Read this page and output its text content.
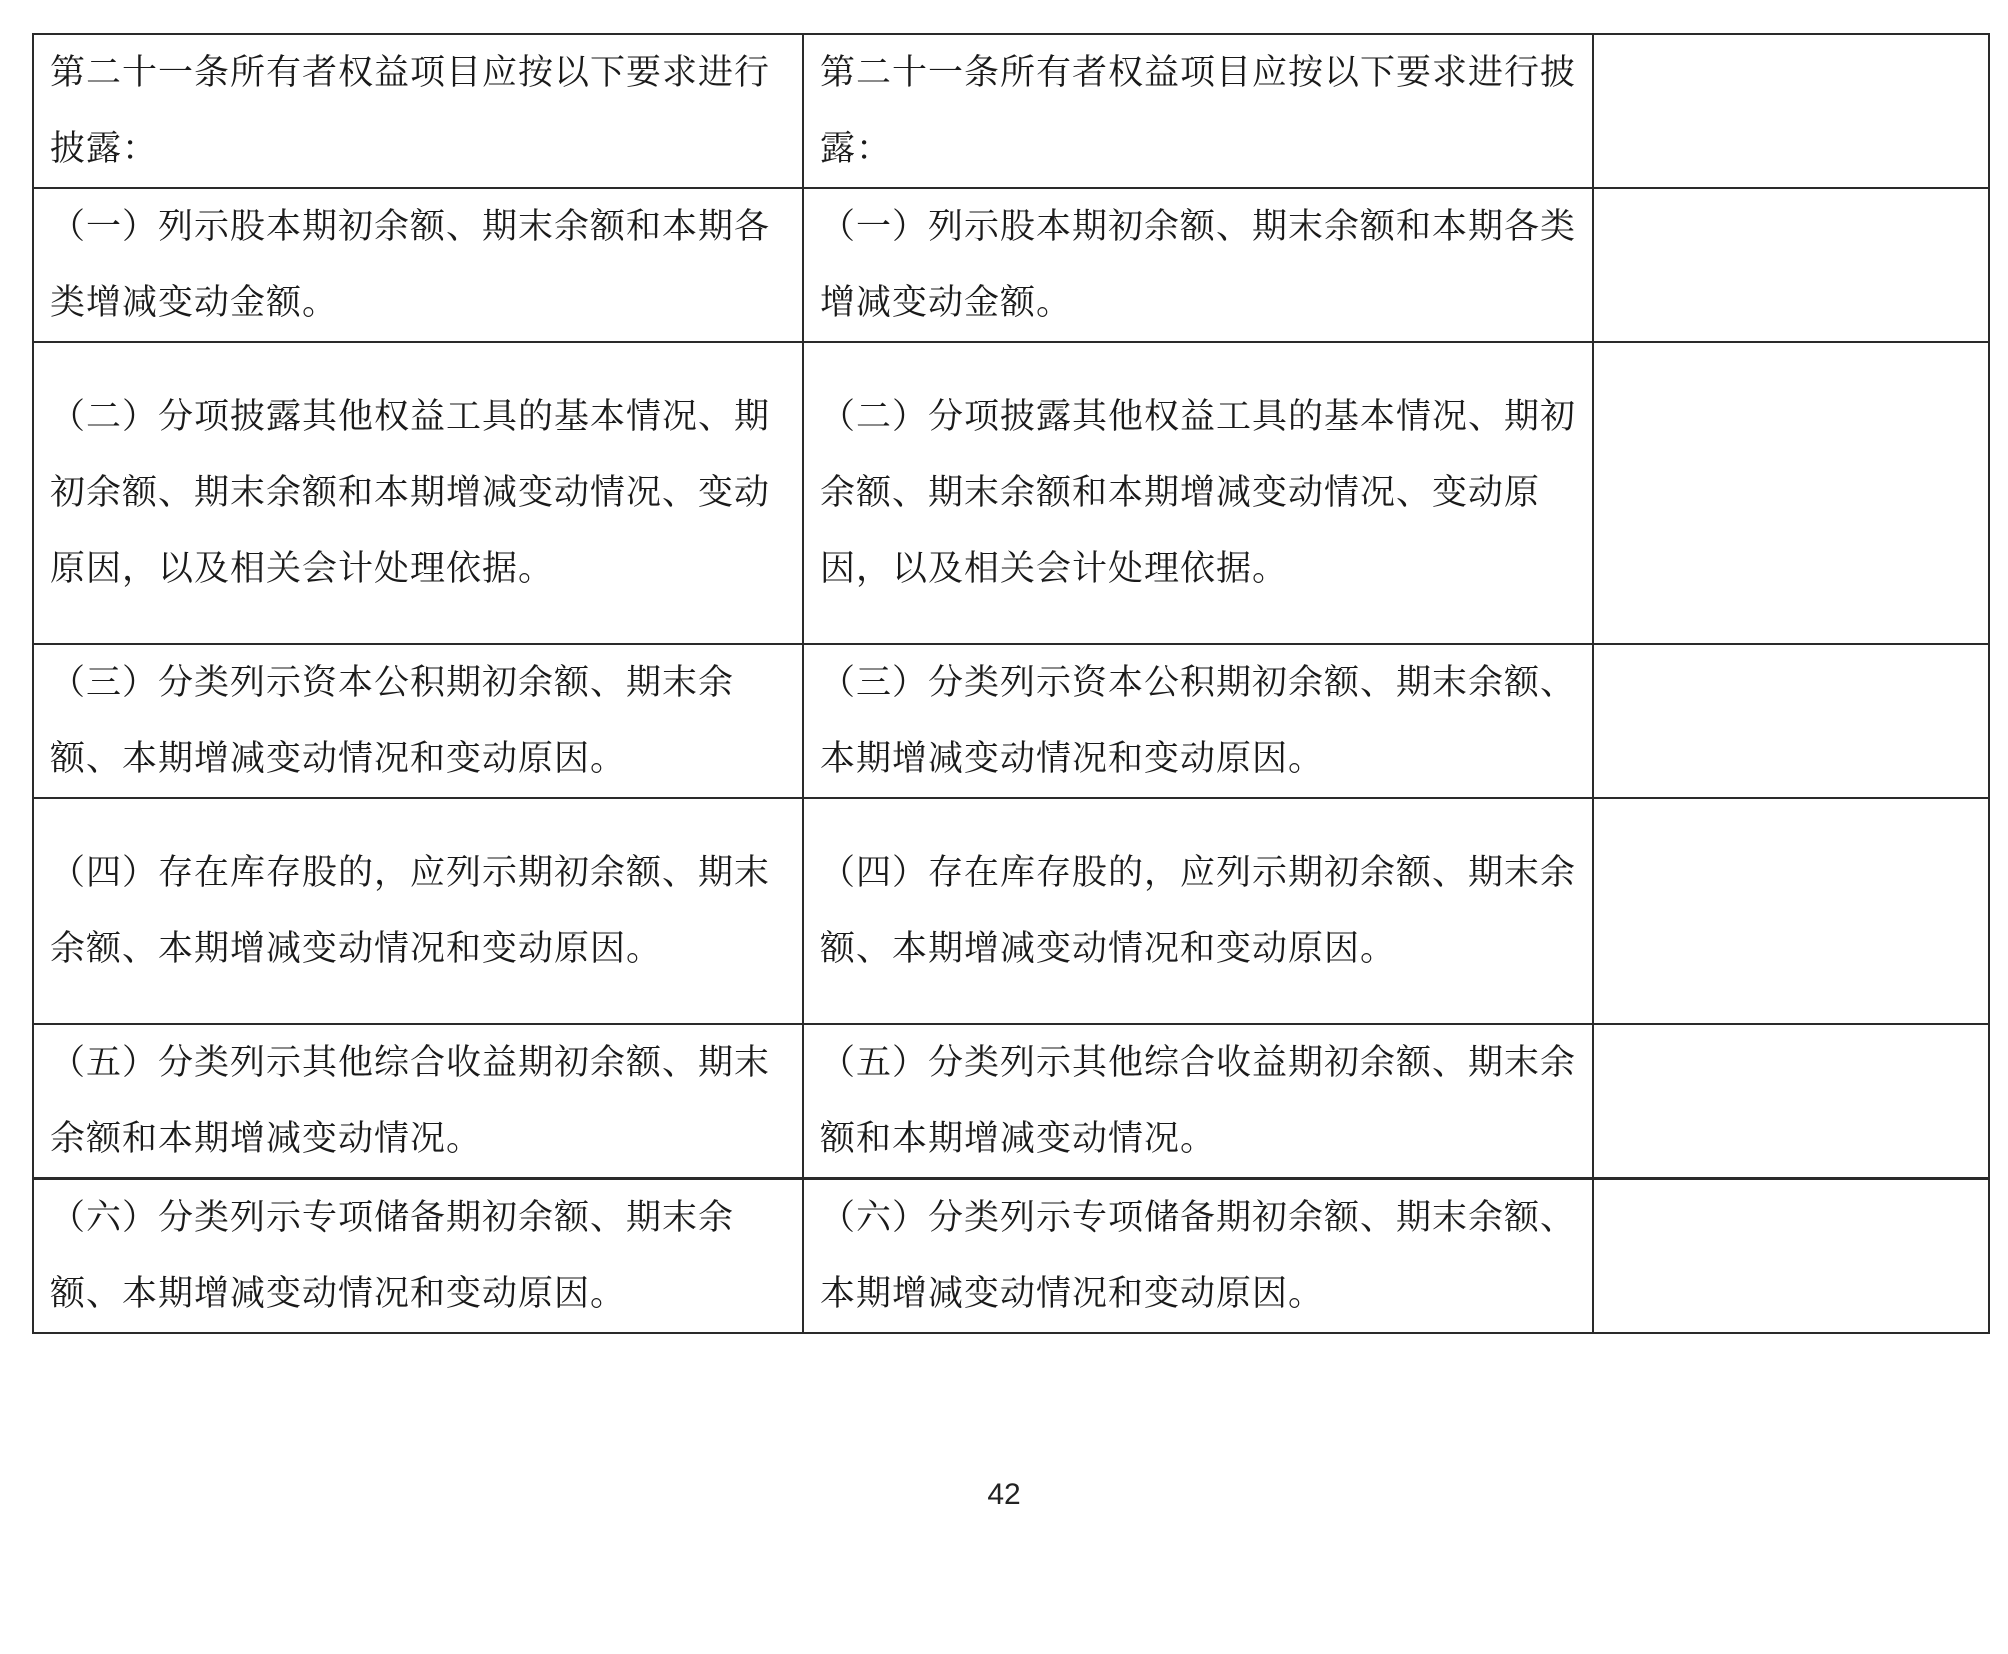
第二十一条所有者权益项目应按以下要求进行披露：	第二十一条所有者权益项目应按以下要求进行披露：	
（一）列示股本期初余额、期末余额和本期各类增减变动金额。	（一）列示股本期初余额、期末余额和本期各类增减变动金额。	
（二）分项披露其他权益工具的基本情况、期初余额、期末余额和本期增减变动情况、变动原因，以及相关会计处理依据。	（二）分项披露其他权益工具的基本情况、期初余额、期末余额和本期增减变动情况、变动原因，以及相关会计处理依据。	
（三）分类列示资本公积期初余额、期末余额、本期增减变动情况和变动原因。	（三）分类列示资本公积期初余额、期末余额、本期增减变动情况和变动原因。	
（四）存在库存股的，应列示期初余额、期末余额、本期增减变动情况和变动原因。	（四）存在库存股的，应列示期初余额、期末余额、本期增减变动情况和变动原因。	
（五）分类列示其他综合收益期初余额、期末余额和本期增减变动情况。	（五）分类列示其他综合收益期初余额、期末余额和本期增减变动情况。	
（六）分类列示专项储备期初余额、期末余额、本期增减变动情况和变动原因。	（六）分类列示专项储备期初余额、期末余额、本期增减变动情况和变动原因。	
42
